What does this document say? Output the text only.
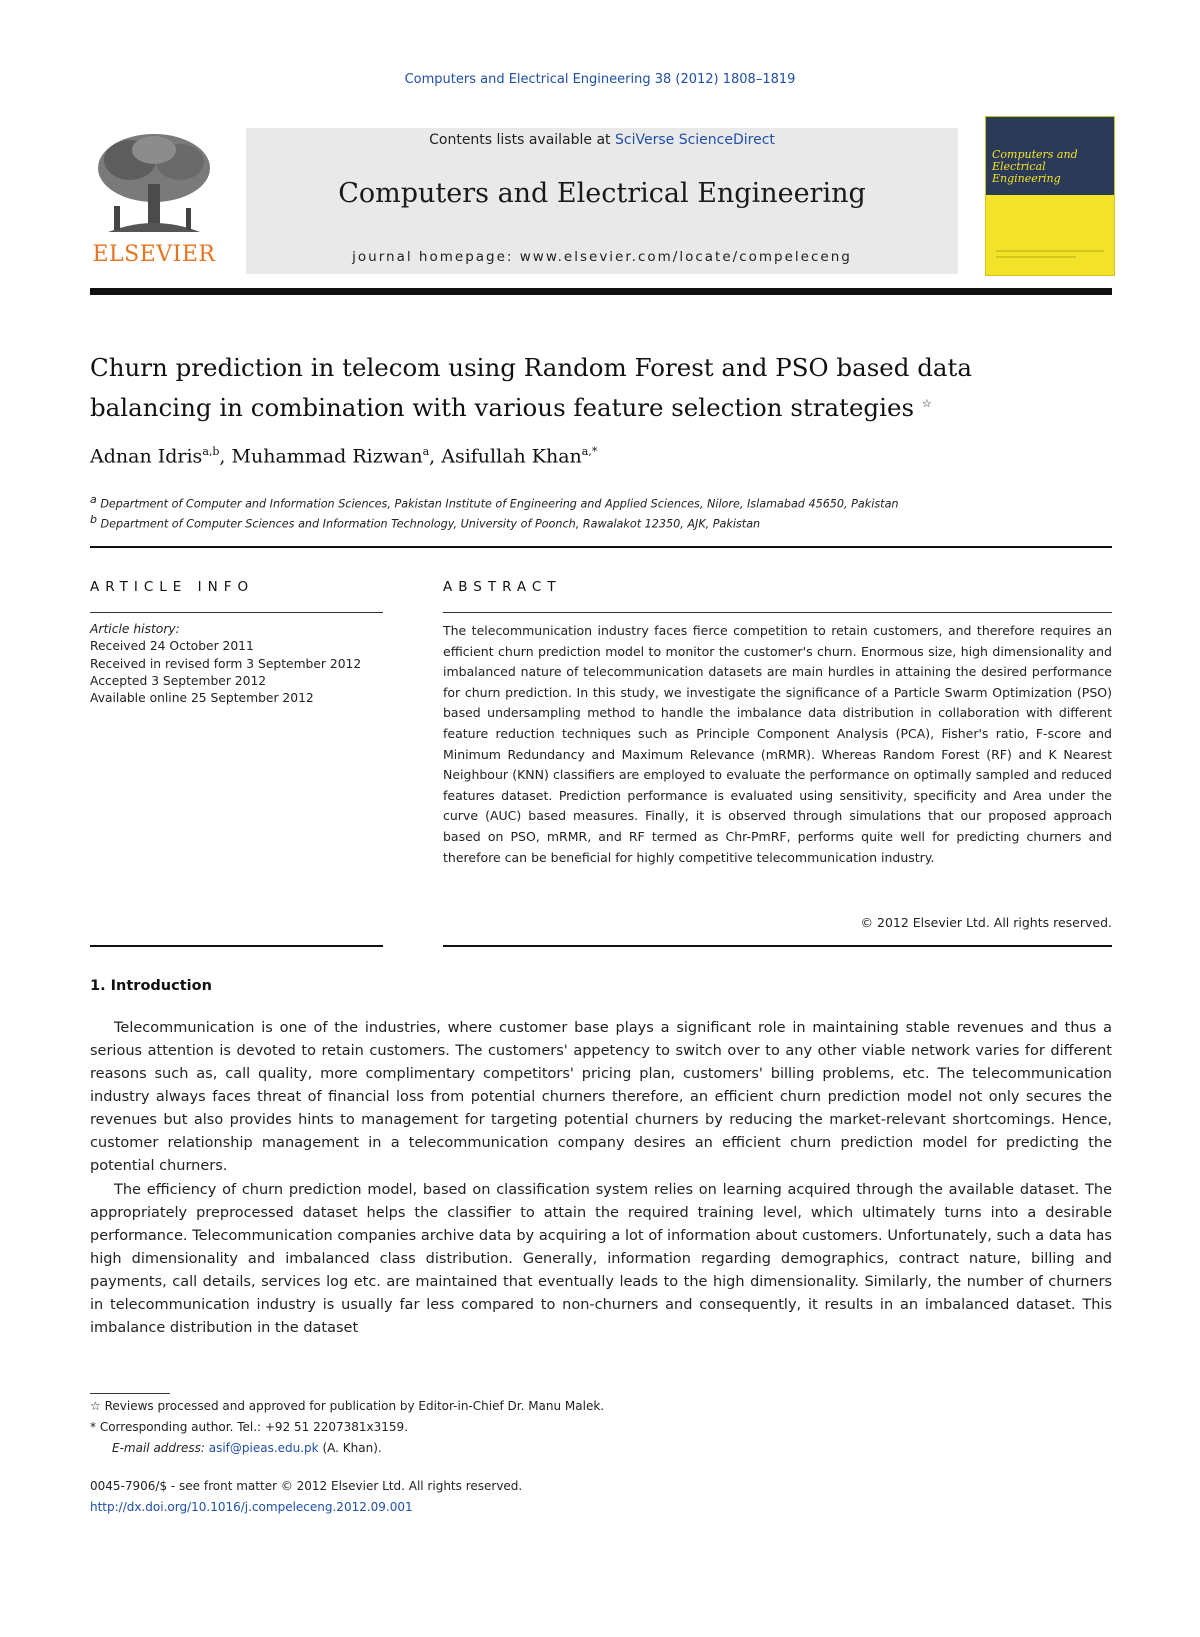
Computers and Electrical Engineering 38 (2012) 1808–1819
ELSEVIER
Contents lists available at SciVerse ScienceDirect
Computers and Electrical Engineering
journal homepage: www.elsevier.com/locate/compeleceng
Computers and Electrical Engineering
Churn prediction in telecom using Random Forest and PSO based data
balancing in combination with various feature selection strategies ☆
Adnan Idris$^{a,b}$, Muhammad Rizwan$^a$, Asifullah Khan$^{a,*}$
$^a$ Department of Computer and Information Sciences, Pakistan Institute of Engineering and Applied Sciences, Nilore, Islamabad 45650, Pakistan
$^b$ Department of Computer Sciences and Information Technology, University of Poonch, Rawalakot 12350, AJK, Pakistan
ARTICLE INFO	ABSTRACT
Article history:
Received 24 October 2011
Received in revised form 3 September 2012
Accepted 3 September 2012
Available online 25 September 2012
The telecommunication industry faces fierce competition to retain customers, and therefore requires an efficient churn prediction model to monitor the customer's churn. Enormous size, high dimensionality and imbalanced nature of telecommunication datasets are main hurdles in attaining the desired performance for churn prediction. In this study, we investigate the significance of a Particle Swarm Optimization (PSO) based undersampling method to handle the imbalance data distribution in collaboration with different feature reduction techniques such as Principle Component Analysis (PCA), Fisher's ratio, F-score and Minimum Redundancy and Maximum Relevance (mRMR). Whereas Random Forest (RF) and K Nearest Neighbour (KNN) classifiers are employed to evaluate the performance on optimally sampled and reduced features dataset. Prediction performance is evaluated using sensitivity, specificity and Area under the curve (AUC) based measures. Finally, it is observed through simulations that our proposed approach based on PSO, mRMR, and RF termed as Chr-PmRF, performs quite well for predicting churners and therefore can be beneficial for highly competitive telecommunication industry.
© 2012 Elsevier Ltd. All rights reserved.
1. Introduction
Telecommunication is one of the industries, where customer base plays a significant role in maintaining stable revenues and thus a serious attention is devoted to retain customers. The customers' appetency to switch over to any other viable network varies for different reasons such as, call quality, more complimentary competitors' pricing plan, customers' billing problems, etc. The telecommunication industry always faces threat of financial loss from potential churners therefore, an efficient churn prediction model not only secures the revenues but also provides hints to management for targeting potential churners by reducing the market-relevant shortcomings. Hence, customer relationship management in a telecommunication company desires an efficient churn prediction model for predicting the potential churners.
The efficiency of churn prediction model, based on classification system relies on learning acquired through the available dataset. The appropriately preprocessed dataset helps the classifier to attain the required training level, which ultimately turns into a desirable performance. Telecommunication companies archive data by acquiring a lot of information about customers. Unfortunately, such a data has high dimensionality and imbalanced class distribution. Generally, information regarding demographics, contract nature, billing and payments, call details, services log etc. are maintained that eventually leads to the high dimensionality. Similarly, the number of churners in telecommunication industry is usually far less compared to non-churners and consequently, it results in an imbalanced dataset. This imbalance distribution in the dataset
☆ Reviews processed and approved for publication by Editor-in-Chief Dr. Manu Malek.
* Corresponding author. Tel.: +92 51 2207381x3159.
E-mail address: asif@pieas.edu.pk (A. Khan).
0045-7906/$ - see front matter © 2012 Elsevier Ltd. All rights reserved.
http://dx.doi.org/10.1016/j.compeleceng.2012.09.001
